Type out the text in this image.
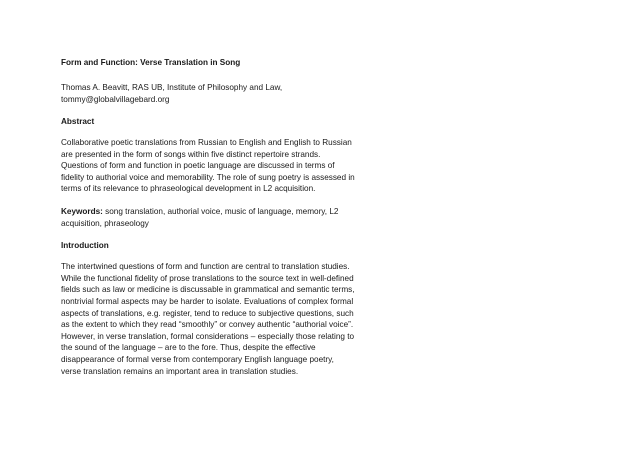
Form and Function: Verse Translation in Song
Thomas A. Beavitt, RAS UB, Institute of Philosophy and Law,
tommy@globalvillagebard.org
Abstract
Collaborative poetic translations from Russian to English and English to Russian
are presented in the form of songs within five distinct repertoire strands.
Questions of form and function in poetic language are discussed in terms of
fidelity to authorial voice and memorability. The role of sung poetry is assessed in
terms of its relevance to phraseological development in L2 acquisition.
Keywords: song translation, authorial voice, music of language, memory, L2
acquisition, phraseology
Introduction
The intertwined questions of form and function are central to translation studies.
While the functional fidelity of prose translations to the source text in well-defined
fields such as law or medicine is discussable in grammatical and semantic terms,
nontrivial formal aspects may be harder to isolate. Evaluations of complex formal
aspects of translations, e.g. register, tend to reduce to subjective questions, such
as the extent to which they read “smoothly” or convey authentic “authorial voice”.
However, in verse translation, formal considerations – especially those relating to
the sound of the language – are to the fore. Thus, despite the effective
disappearance of formal verse from contemporary English language poetry,
verse translation remains an important area in translation studies.
